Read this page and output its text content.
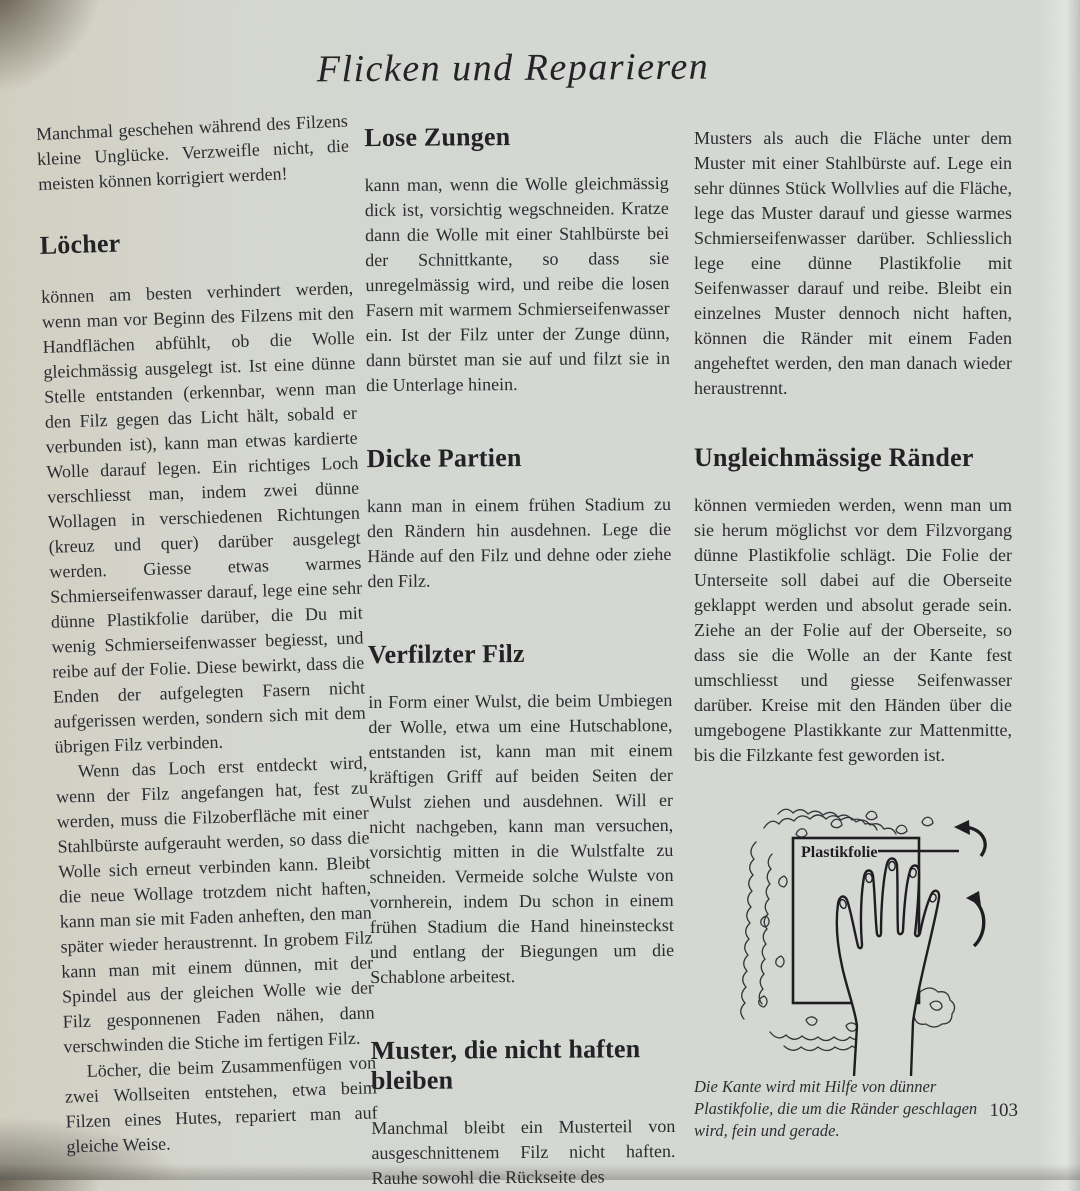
Flicken und Reparieren

Manchmal geschehen während des Filzens kleine Unglücke. Verzweifle nicht, die meisten können korrigiert werden!

Löcher

können am besten verhindert werden, wenn man vor Beginn des Filzens mit den Handflächen abfühlt, ob die Wolle gleichmässig ausgelegt ist. Ist eine dünne Stelle entstanden (erkennbar, wenn man den Filz gegen das Licht hält, sobald er verbunden ist), kann man etwas kardierte Wolle darauf legen. Ein richtiges Loch verschliesst man, indem zwei dünne Wollagen in verschiedenen Richtungen (kreuz und quer) darüber ausgelegt werden. Giesse etwas warmes Schmierseifenwasser darauf, lege eine sehr dünne Plastikfolie darüber, die Du mit wenig Schmierseifenwasser begiesst, und reibe auf der Folie. Diese bewirkt, dass die Enden der aufgelegten Fasern nicht aufgerissen werden, sondern sich mit dem übrigen Filz verbinden.

Wenn das Loch erst entdeckt wird, wenn der Filz angefangen hat, fest zu werden, muss die Filzoberfläche mit einer Stahlbürste aufgerauht werden, so dass die Wolle sich erneut verbinden kann. Bleibt die neue Wollage trotzdem nicht haften, kann man sie mit Faden anheften, den man später wieder heraustrennt. In grobem Filz kann man mit einem dünnen, mit der Spindel aus der gleichen Wolle wie der Filz gesponnenen Faden nähen, dann verschwinden die Stiche im fertigen Filz.

Löcher, die beim Zusammenfügen von zwei Wollseiten entstehen, etwa beim Filzen eines Hutes, repariert man auf gleiche Weise.

Lose Zungen

kann man, wenn die Wolle gleichmässig dick ist, vorsichtig wegschneiden. Kratze dann die Wolle mit einer Stahlbürste bei der Schnittkante, so dass sie unregelmässig wird, und reibe die losen Fasern mit warmem Schmierseifenwasser ein. Ist der Filz unter der Zunge dünn, dann bürstet man sie auf und filzt sie in die Unterlage hinein.

Dicke Partien

kann man in einem frühen Stadium zu den Rändern hin ausdehnen. Lege die Hände auf den Filz und dehne oder ziehe den Filz.

Verfilzter Filz

in Form einer Wulst, die beim Umbiegen der Wolle, etwa um eine Hutschablone, entstanden ist, kann man mit einem kräftigen Griff auf beiden Seiten der Wulst ziehen und ausdehnen. Will er nicht nachgeben, kann man versuchen, vorsichtig mitten in die Wulstfalte zu schneiden. Vermeide solche Wulste von vornherein, indem Du schon in einem frühen Stadium die Hand hineinsteckst und entlang der Biegungen um die Schablone arbeitest.

Muster, die nicht haften bleiben

Manchmal bleibt ein Musterteil von ausgeschnittenem Filz nicht haften. Rauhe sowohl die Rückseite des

Musters als auch die Fläche unter dem Muster mit einer Stahlbürste auf. Lege ein sehr dünnes Stück Wollvlies auf die Fläche, lege das Muster darauf und giesse warmes Schmierseifenwasser darüber. Schliesslich lege eine dünne Plastikfolie mit Seifenwasser darauf und reibe. Bleibt ein einzelnes Muster dennoch nicht haften, können die Ränder mit einem Faden angeheftet werden, den man danach wieder heraustrennt.

Ungleichmässige Ränder

können vermieden werden, wenn man um sie herum möglichst vor dem Filzvorgang dünne Plastikfolie schlägt. Die Folie der Unterseite soll dabei auf die Oberseite geklappt werden und absolut gerade sein. Ziehe an der Folie auf der Oberseite, so dass sie die Wolle an der Kante fest umschliesst und giesse Seifenwasser darüber. Kreise mit den Händen über die umgebogene Plastikkante zur Mattenmitte, bis die Filzkante fest geworden ist.

Plastikfolie

Die Kante wird mit Hilfe von dünner Plastikfolie, die um die Ränder geschlagen wird, fein und gerade.

103
